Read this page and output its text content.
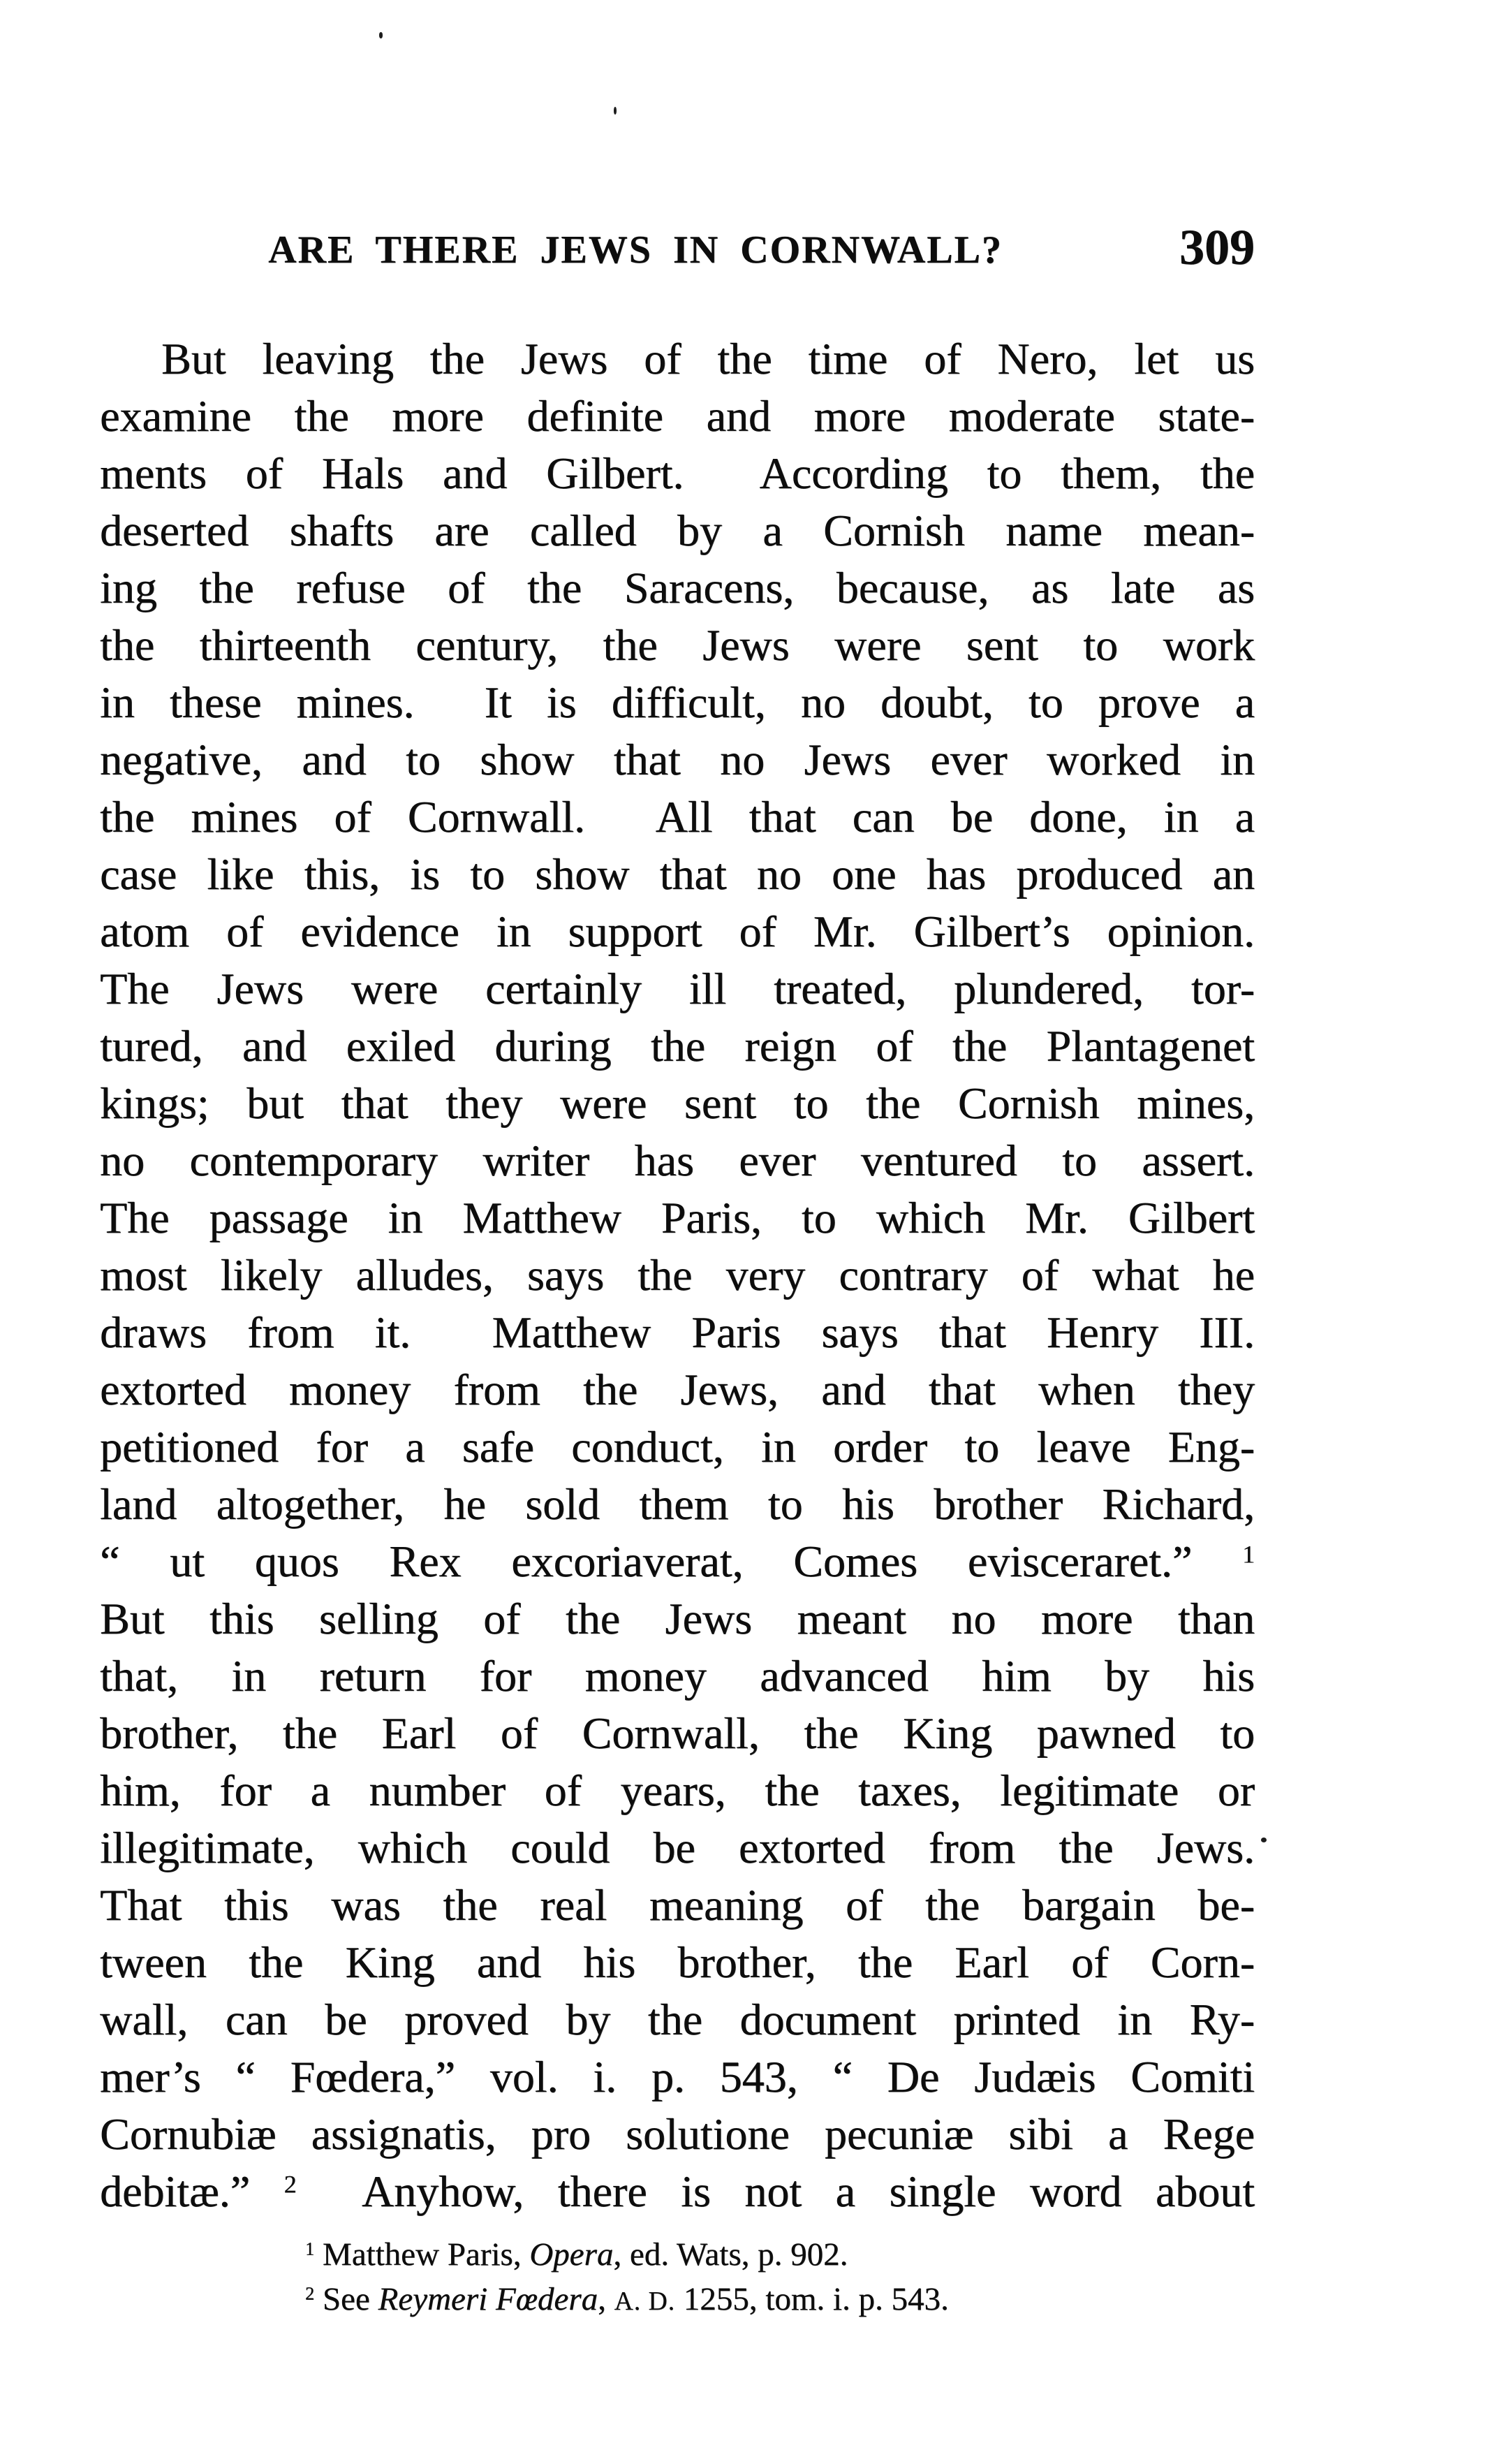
ARE THERE JEWS IN CORNWALL?	309
But leaving the Jews of the time of Nero, let us
examine the more definite and more moderate state-
ments of Hals and Gilbert.  According to them, the
deserted shafts are called by a Cornish name mean-
ing the refuse of the Saracens, because, as late as
the thirteenth century, the Jews were sent to work
in these mines.  It is difficult, no doubt, to prove a
negative, and to show that no Jews ever worked in
the mines of Cornwall.  All that can be done, in a
case like this, is to show that no one has produced an
atom of evidence in support of Mr. Gilbert’s opinion.
The Jews were certainly ill treated, plundered, tor-
tured, and exiled during the reign of the Plantagenet
kings; but that they were sent to the Cornish mines,
no contemporary writer has ever ventured to assert.
The passage in Matthew Paris, to which Mr. Gilbert
most likely alludes, says the very contrary of what he
draws from it.  Matthew Paris says that Henry III.
extorted money from the Jews, and that when they
petitioned for a safe conduct, in order to leave Eng-
land altogether, he sold them to his brother Richard,
“ ut quos Rex excoriaverat, Comes evisceraret.” $^1$
But this selling of the Jews meant no more than
that, in return for money advanced him by his
brother, the Earl of Cornwall, the King pawned to
him, for a number of years, the taxes, legitimate or
illegitimate, which could be extorted from the Jews.
That this was the real meaning of the bargain be-
tween the King and his brother, the Earl of Corn-
wall, can be proved by the document printed in Ry-
mer’s “ Fœdera,” vol. i. p. 543, “ De Judæis Comiti
Cornubiæ assignatis, pro solutione pecuniæ sibi a Rege
debitæ.” $^2$  Anyhow, there is not a single word about
$^1$ Matthew Paris, Opera, ed. Wats, p. 902.
$^2$ See Reymeri Fœdera, A. D. 1255, tom. i. p. 543.
